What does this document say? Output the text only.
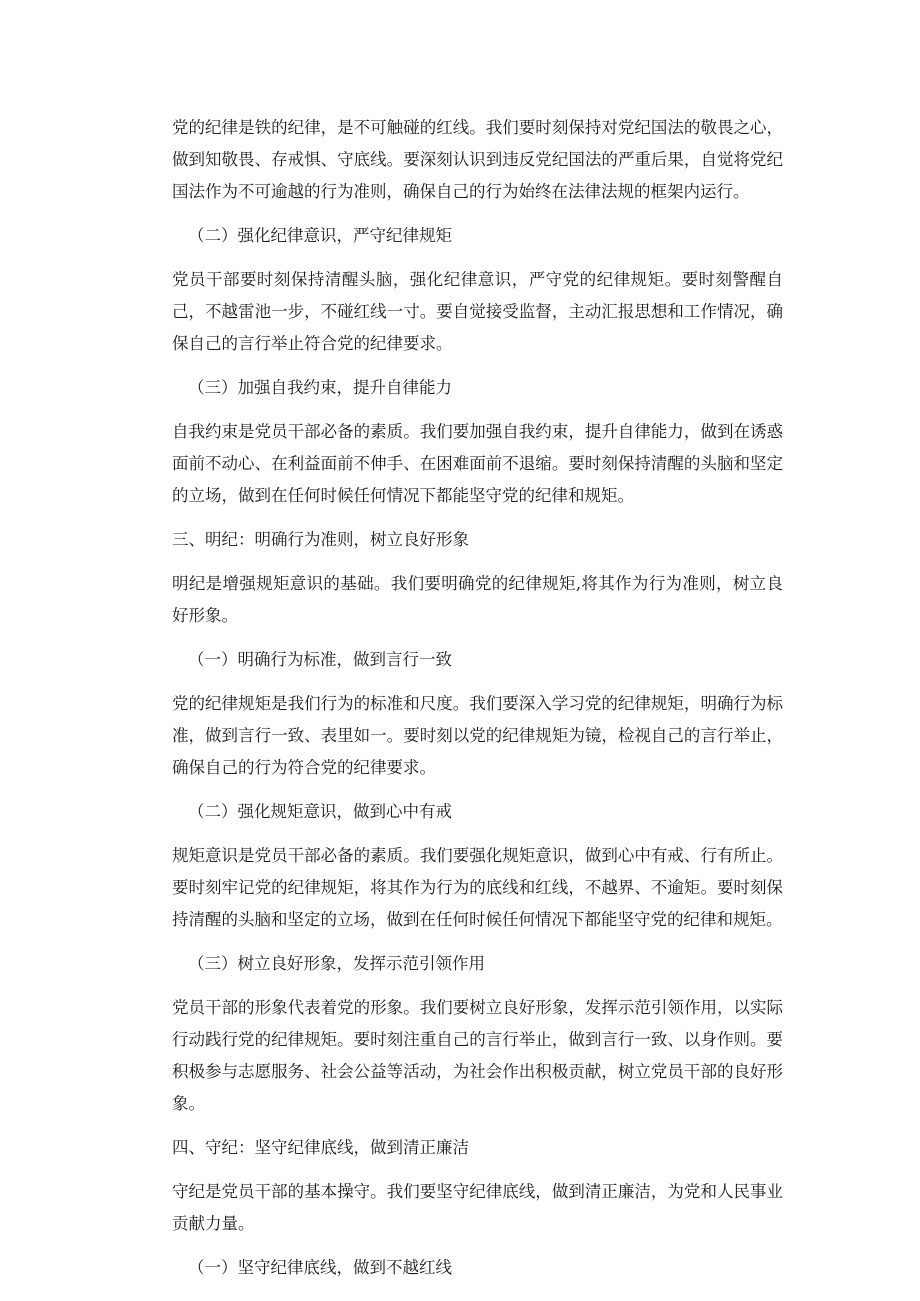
党的纪律是铁的纪律，是不可触碰的红线。我们要时刻保持对党纪国法的敬畏之心，做到知敬畏、存戒惧、守底线。要深刻认识到违反党纪国法的严重后果，自觉将党纪国法作为不可逾越的行为准则，确保自己的行为始终在法律法规的框架内运行。

（二）强化纪律意识，严守纪律规矩

党员干部要时刻保持清醒头脑，强化纪律意识，严守党的纪律规矩。要时刻警醒自己，不越雷池一步，不碰红线一寸。要自觉接受监督，主动汇报思想和工作情况，确保自己的言行举止符合党的纪律要求。

（三）加强自我约束，提升自律能力

自我约束是党员干部必备的素质。我们要加强自我约束，提升自律能力，做到在诱惑面前不动心、在利益面前不伸手、在困难面前不退缩。要时刻保持清醒的头脑和坚定的立场，做到在任何时候任何情况下都能坚守党的纪律和规矩。

三、明纪：明确行为准则，树立良好形象

明纪是增强规矩意识的基础。我们要明确党的纪律规矩,将其作为行为准则，树立良好形象。

（一）明确行为标准，做到言行一致

党的纪律规矩是我们行为的标准和尺度。我们要深入学习党的纪律规矩，明确行为标准，做到言行一致、表里如一。要时刻以党的纪律规矩为镜，检视自己的言行举止，确保自己的行为符合党的纪律要求。

（二）强化规矩意识，做到心中有戒

规矩意识是党员干部必备的素质。我们要强化规矩意识，做到心中有戒、行有所止。要时刻牢记党的纪律规矩，将其作为行为的底线和红线，不越界、不逾矩。要时刻保持清醒的头脑和坚定的立场，做到在任何时候任何情况下都能坚守党的纪律和规矩。

（三）树立良好形象，发挥示范引领作用

党员干部的形象代表着党的形象。我们要树立良好形象，发挥示范引领作用，以实际行动践行党的纪律规矩。要时刻注重自己的言行举止，做到言行一致、以身作则。要积极参与志愿服务、社会公益等活动，为社会作出积极贡献，树立党员干部的良好形象。

四、守纪：坚守纪律底线，做到清正廉洁

守纪是党员干部的基本操守。我们要坚守纪律底线，做到清正廉洁，为党和人民事业贡献力量。

（一）坚守纪律底线，做到不越红线
